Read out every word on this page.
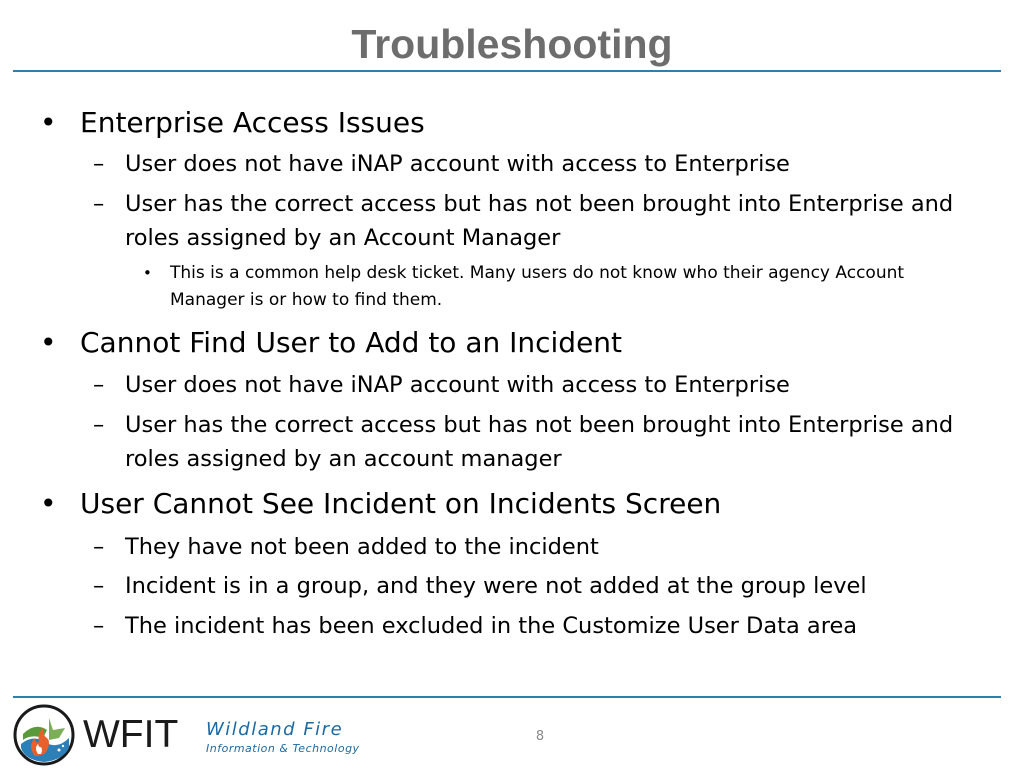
Troubleshooting
• Enterprise Access Issues
– User does not have iNAP account with access to Enterprise
– User has the correct access but has not been brought into Enterprise and
roles assigned by an Account Manager
• This is a common help desk ticket. Many users do not know who their agency Account
Manager is or how to find them.
• Cannot Find User to Add to an Incident
– User does not have iNAP account with access to Enterprise
– User has the correct access but has not been brought into Enterprise and
roles assigned by an account manager
• User Cannot See Incident on Incidents Screen
– They have not been added to the incident
– Incident is in a group, and they were not added at the group level
– The incident has been excluded in the Customize User Data area
WFIT Wildland Fire
Information & Technology
8
